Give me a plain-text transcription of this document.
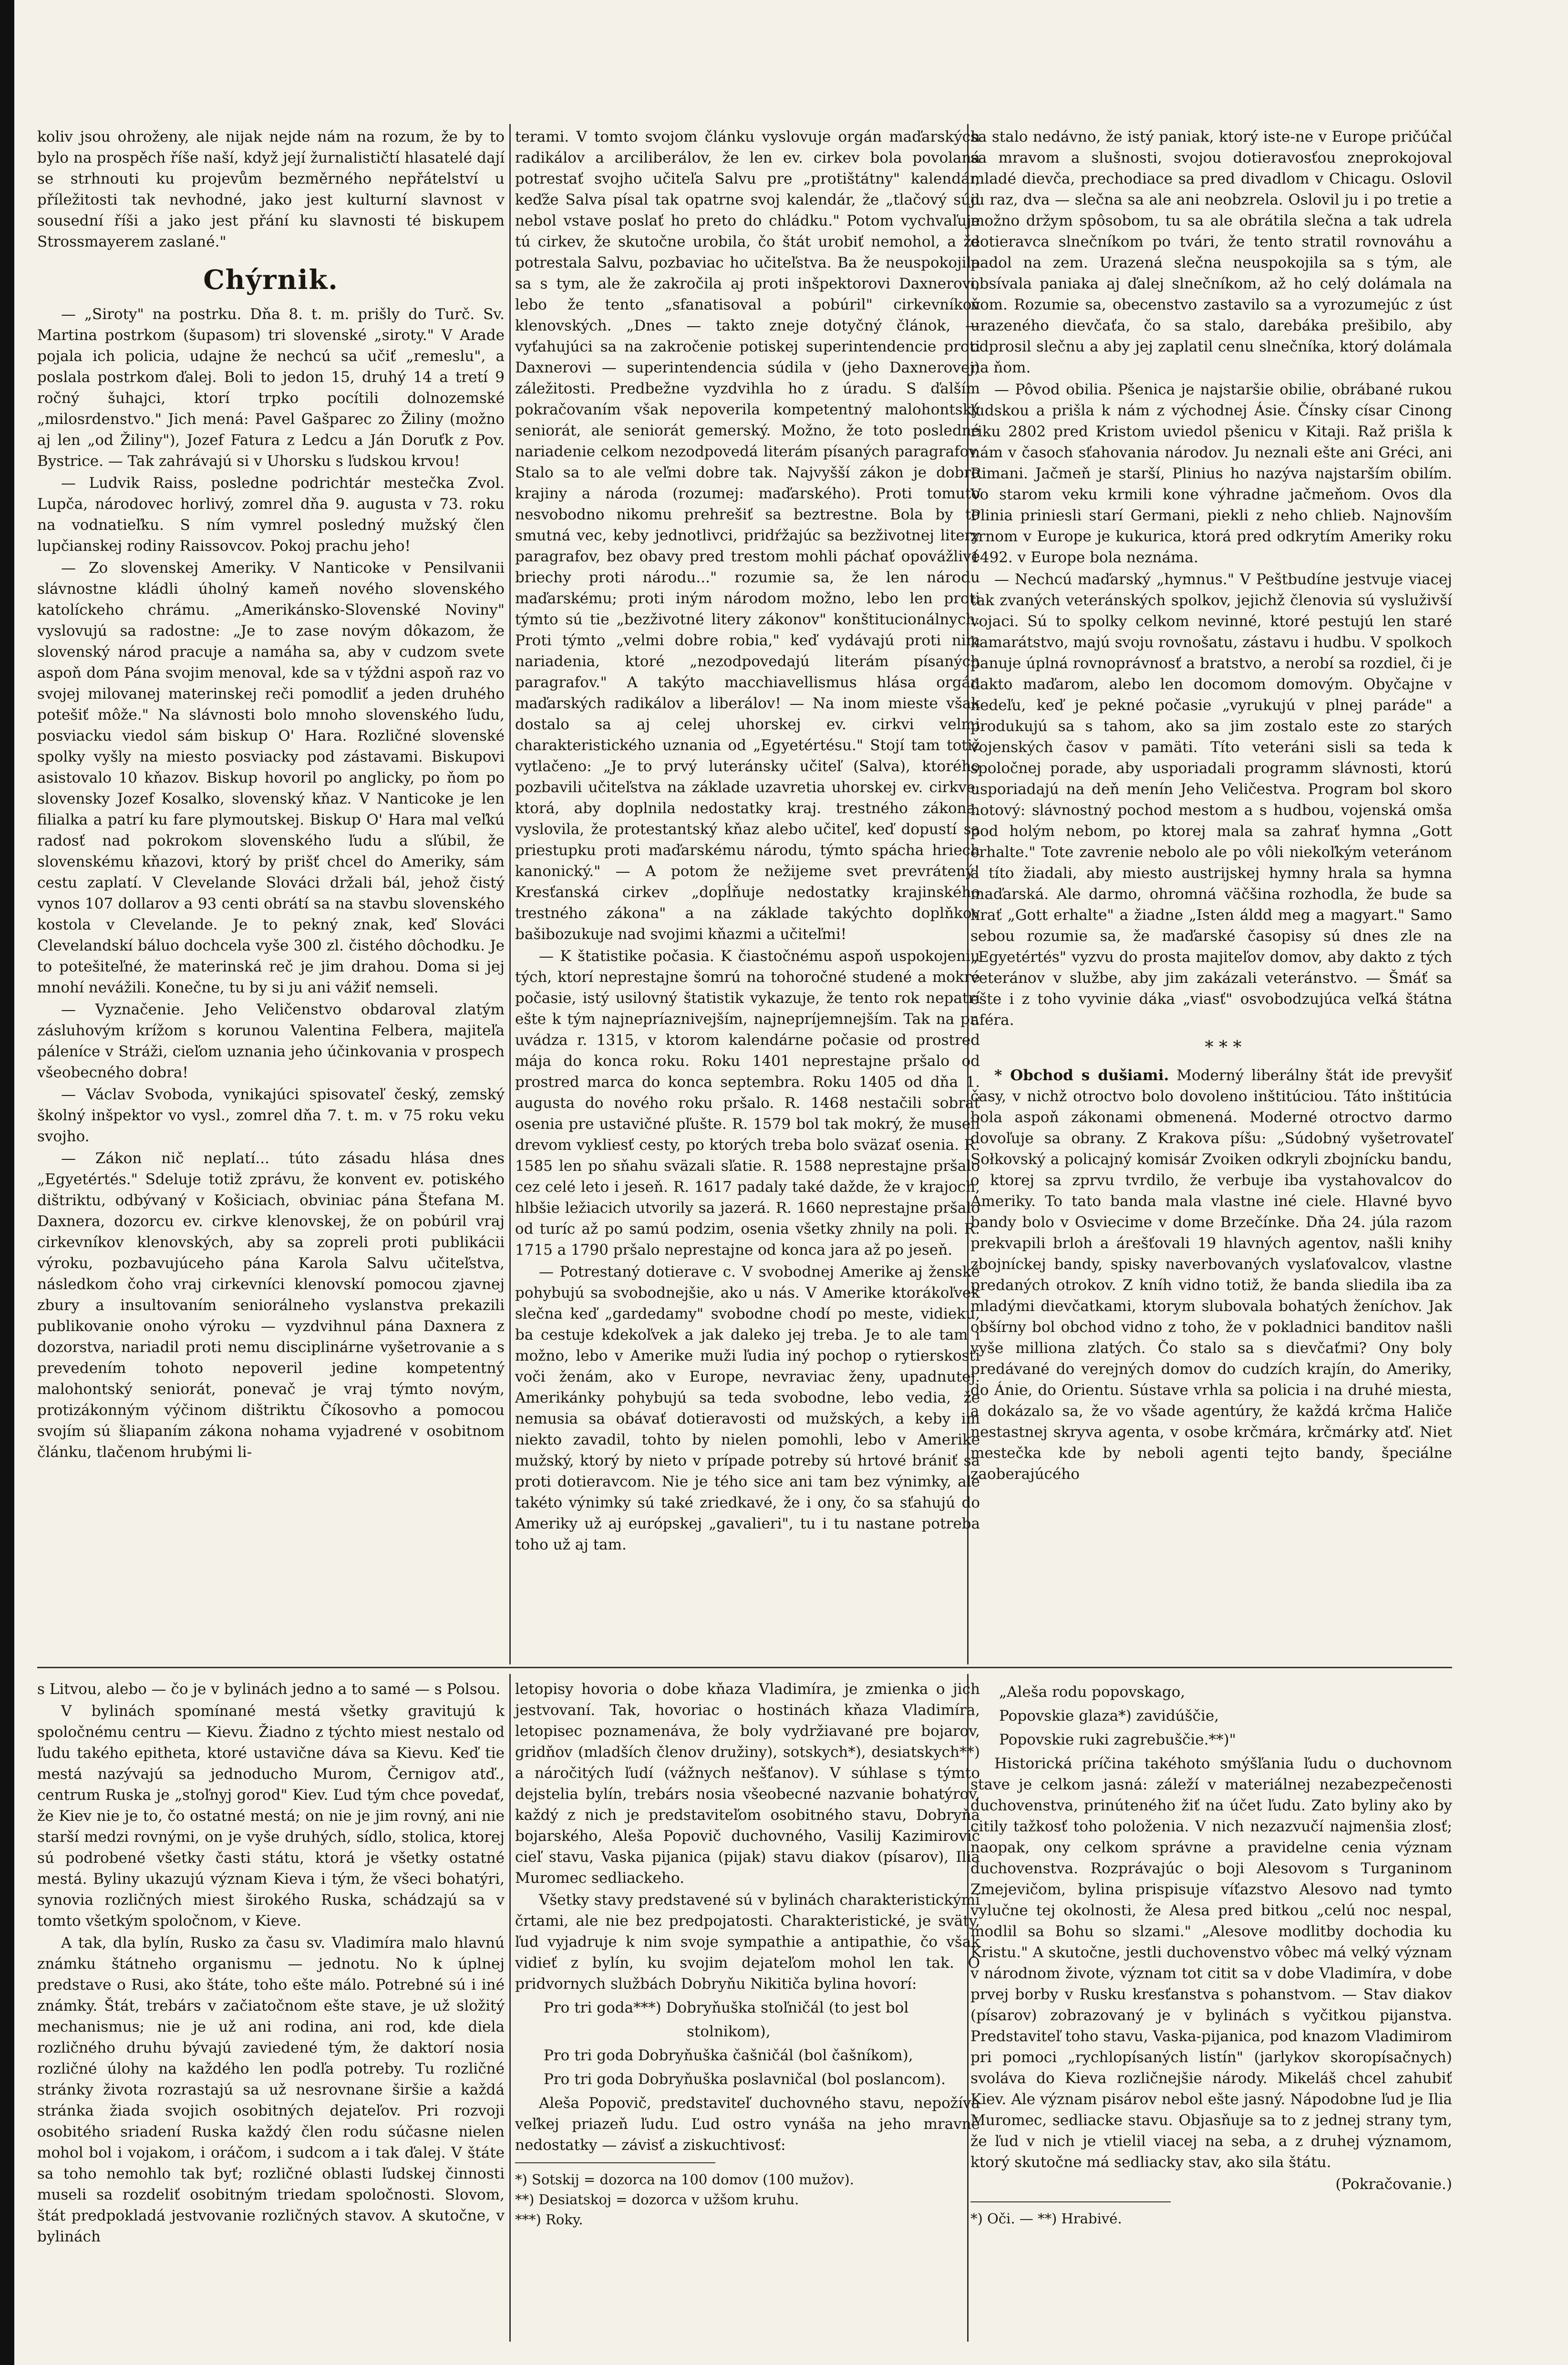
koliv jsou ohroženy, ale nijak nejde nám na rozum, že by to bylo na prospěch říše naší, když její žurnalističtí hlasatelé dají se strhnouti ku projevům bezměrného nepřátelství u příležitosti tak nevhodné, jako jest kulturní slavnost v sousední říši a jako jest přání ku slavnosti té biskupem Strossmayerem zaslané."

Chýrnik.

— „Siroty" na postrku. Dňa 8. t. m. prišly do Turč. Sv. Martina postrkom (šupasom) tri slovenské „siroty." V Arade pojala ich policia, udajne že nechcú sa učiť „remeslu", a poslala postrkom ďalej. Boli to jedon 15, druhý 14 a tretí 9 ročný šuhajci, ktorí trpko pocítili dolnozemské „milosrdenstvo." Jich mená: Pavel Gašparec zo Žiliny (možno aj len „od Žiliny"), Jozef Fatura z Ledcu a Ján Doruťk z Pov. Bystrice. — Tak zahrávajú si v Uhorsku s ľudskou krvou!

— Ludvik Raiss, posledne podrichtár mestečka Zvol. Lupča, národovec horlivý, zomrel dňa 9. augusta v 73. roku na vodnatieľku. S ním vymrel posledný mužský člen lupčianskej rodiny Raissovcov. Pokoj prachu jeho!

— Zo slovenskej Ameriky. V Nanticoke v Pensilvanii slávnostne kládli úholný kameň nového slovenského katolíckeho chrámu. „Amerikánsko-Slovenské Noviny" vyslovujú sa radostne: „Je to zase novým dôkazom, že slovenský národ pracuje a namáha sa, aby v cudzom svete aspoň dom Pána svojim menoval, kde sa v týždni aspoň raz vo svojej milovanej materinskej reči pomodliť a jeden druhého potešiť môže." Na slávnosti bolo mnoho slovenského ľudu, posviacku viedol sám biskup O' Hara. Rozličné slovenské spolky vyšly na miesto posviacky pod zástavami. Biskupovi asistovalo 10 kňazov. Biskup hovoril po anglicky, po ňom po slovensky Jozef Kosalko, slovenský kňaz. V Nanticoke je len filialka a patrí ku fare plymoutskej. Biskup O' Hara mal veľkú radosť nad pokrokom slovenského ľudu a sľúbil, že slovenskému kňazovi, ktorý by prišť chcel do Ameriky, sám cestu zaplatí. V Clevelande Slováci držali bál, jehož čistý vynos 107 dollarov a 93 centi obrátí sa na stavbu slovenského kostola v Clevelande. Je to pekný znak, keď Slováci Clevelandskí báluo dochcela vyše 300 zl. čistého dôchodku. Je to potešiteľné, že materinská reč je jim drahou. Doma si jej mnohí nevážili. Konečne, tu by si ju ani vážiť nemseli.

— Vyznačenie. Jeho Veličenstvo obdaroval zlatým zásluhovým krížom s korunou Valentina Felbera, majiteľa páleníce v Stráži, cieľom uznania jeho účinkovania v prospech všeobecného dobra!

— Václav Svoboda, vynikajúci spisovateľ český, zemský školný inšpektor vo vysl., zomrel dňa 7. t. m. v 75 roku veku svojho.

— Zákon nič neplatí... túto zásadu hlása dnes „Egyetértés." Sdeluje totiž zprávu, že konvent ev. potiského dištriktu, odbývaný v Košiciach, obviniac pána Štefana M. Daxnera, dozorcu ev. cirkve klenovskej, že on pobúril vraj cirkevníkov klenovských, aby sa zopreli proti publikácii výroku, pozbavujúceho pána Karola Salvu učiteľstva, následkom čoho vraj cirkevníci klenovskí pomocou zjavnej zbury a insultovaním seniorálneho vyslanstva prekazili publikovanie onoho výroku — vyzdvihnul pána Daxnera z dozorstva, nariadil proti nemu disciplinárne vyšetrovanie a s prevedením tohoto nepoveril jedine kompetentný malohontský seniorát, ponevač je vraj týmto novým, protizákonným výčinom dištriktu Číkosovho a pomocou svojím sú šliapaním zákona nohama vyjadrené v osobitnom článku, tlačenom hrubými li-

terami. V tomto svojom článku vyslovuje orgán maďarských radikálov a arciliberálov, že len ev. cirkev bola povolaná potrestať svojho učiteľa Salvu pre „protištátny" kalendár, keďže Salva písal tak opatrne svoj kalendár, že „tlačový súd nebol vstave poslať ho preto do chládku." Potom vychvaľuje tú cirkev, že skutočne urobila, čo štát urobiť nemohol, a že potrestala Salvu, pozbaviac ho učiteľstva. Ba že neuspokojila sa s tym, ale že zakročila aj proti inšpektorovi Daxnerovi, lebo že tento „sfanatisoval a pobúril" cirkevníkov klenovských. „Dnes — takto zneje dotyčný článok, — vyťahujúci sa na zakročenie potiskej superintendencie proti Daxnerovi — superintendencia súdila v (jeho Daxnerovej) záležitosti. Predbežne vyzdvihla ho z úradu. S ďalším pokračovaním však nepoverila kompetentný malohontský seniorát, ale seniorát gemerský. Možno, že toto posledné nariadenie celkom nezodpovedá literám písaných paragrafov. Stalo sa to ale veľmi dobre tak. Najvyšší zákon je dobro krajiny a národa (rozumej: maďarského). Proti tomuto nesvobodno nikomu prehrešiť sa beztrestne. Bola by to smutná vec, keby jednotlivci, pridŕžajúc sa bezživotnej litery paragrafov, bez obavy pred trestom mohli páchať opovážlivé briechy proti národu..." rozumie sa, že len národu maďarskému; proti iným národom možno, lebo len proti týmto sú tie „bezživotné litery zákonov" konštitucionálnych. Proti týmto „velmi dobre robia," keď vydávajú proti nim nariadenia, ktoré „nezodpovedajú literám písaných paragrafov." A takýto macchiavellismus hlása orgán maďarských radikálov a liberálov! — Na inom mieste však dostalo sa aj celej uhorskej ev. cirkvi velmi charakteristického uznania od „Egyetértésu." Stojí tam totiž vytlačeno: „Je to prvý luteránsky učiteľ (Salva), ktorého pozbavili učiteľstva na základe uzavretia uhorskej ev. cirkve, ktorá, aby doplnila nedostatky kraj. trestného zákona, vyslovila, že protestantský kňaz alebo učiteľ, keď dopustí sa priestupku proti maďarskému národu, týmto spácha hriech kanonický." — A potom že nežijeme svet prevrátený! Kresťanská cirkev „dopĺňuje nedostatky krajinského trestného zákona" a na základe takýchto doplňkov bašibozukuje nad svojimi kňazmi a učiteľmi!

— K štatistike počasia. K čiastočnému aspoň uspokojeniu tých, ktorí neprestajne šomrú na tohoročné studené a mokré počasie, istý usilovný štatistik vykazuje, že tento rok nepatrí ešte k tým najnepríaznivejším, najnepríjemnejším. Tak na pr. uvádza r. 1315, v ktorom kalendárne počasie od prostred mája do konca roku. Roku 1401 neprestajne pršalo od prostred marca do konca septembra. Roku 1405 od dňa 1. augusta do nového roku pršalo. R. 1468 nestačili sobrať osenia pre ustavičné pľušte. R. 1579 bol tak mokrý, že museli drevom vykliesť cesty, po ktorých treba bolo sväzať osenia. R. 1585 len po sňahu sväzali sľatie. R. 1588 neprestajne pršalo cez celé leto i jeseň. R. 1617 padaly také dažde, že v krajoch, hlbšie ležiacich utvorily sa jazerá. R. 1660 neprestajne pršalo od turíc až po samú podzim, osenia všetky zhnily na poli. R. 1715 a 1790 pršalo neprestajne od konca jara až po jeseň.

— Potrestaný dotierave c. V svobodnej Amerike aj ženské pohybujú sa svobodnejšie, ako u nás. V Amerike ktorákoľvek slečna keď „gardedamy" svobodne chodí po meste, vidieku, ba cestuje kdekoľvek a jak daleko jej treba. Je to ale tam i možno, lebo v Amerike muži ľudia iný pochop o rytierskosti voči ženám, ako v Europe, nevraviac ženy, upadnutej. Amerikánky pohybujú sa teda svobodne, lebo vedia, že nemusia sa obávať dotieravosti od mužských, a keby im niekto zavadil, tohto by nielen pomohli, lebo v Amerike mužský, ktorý by nieto v prípade potreby sú hrtové brániť sa proti dotieravcom. Nie je tého sice ani tam bez výnimky, ale takéto výnimky sú také zriedkavé, že i ony, čo sa sťahujú do Ameriky už aj európskej „gavalieri", tu i tu nastane potreba toho už aj tam.

sa stalo nedávno, že istý paniak, ktorý iste-ne v Europe pričúčal sa mravom a slušnosti, svojou dotieravosťou zneprokojoval mladé dievča, prechodiace sa pred divadlom v Chicagu. Oslovil ju raz, dva — slečna sa ale ani neobzrela. Oslovil ju i po tretie a možno držym spôsobom, tu sa ale obrátila slečna a tak udrela dotieravca slnečníkom po tvári, že tento stratil rovnováhu a padol na zem. Urazená slečna neuspokojila sa s tým, ale obsívala paniaka aj ďalej slnečníkom, až ho celý dolámala na ňom. Rozumie sa, obecenstvo zastavilo sa a vyrozumejúc z úst urazeného dievčaťa, čo sa stalo, darebáka prešibilo, aby odprosil slečnu a aby jej zaplatil cenu slnečníka, ktorý dolámala na ňom.

— Pôvod obilia. Pšenica je najstaršie obilie, obrábané rukou ľudskou a prišla k nám z východnej Ásie. Čínsky císar Cinong riku 2802 pred Kristom uviedol pšenicu v Kitaji. Raž prišla k nám v časoch sťahovania národov. Ju neznali ešte ani Gréci, ani Rimani. Jačmeň je starší, Plinius ho nazýva najstarším obilím. Vo starom veku krmili kone výhradne jačmeňom. Ovos dla Plinia priniesli starí Germani, piekli z neho chlieb. Najnovším zrnom v Europe je kukurica, ktorá pred odkrytím Ameriky roku 1492. v Europe bola neznáma.

— Nechcú maďarský „hymnus." V Peštbudíne jestvuje viacej tak zvaných veteránských spolkov, jejichž členovia sú vysluživší vojaci. Sú to spolky celkom nevinné, ktoré pestujú len staré kamarátstvo, majú svoju rovnošatu, zástavu i hudbu. V spolkoch panuje úplná rovnoprávnosť a bratstvo, a nerobí sa rozdiel, či je dakto maďarom, alebo len docomom domovým. Obyčajne v nedeľu, keď je pekné počasie „vyrukujú v plnej paráde" a produkujú sa s tahom, ako sa jim zostalo este zo starých vojenských časov v pamäti. Títo veteráni sisli sa teda k spoločnej porade, aby usporiadali programm slávnosti, ktorú usporiadajú na deň menín Jeho Veličestva. Program bol skoro hotový: slávnostný pochod mestom a s hudbou, vojenská omša pod holým nebom, po ktorej mala sa zahrať hymna „Gott erhalte." Tote zavrenie nebolo ale po vôli niekoľkým veteránom a títo žiadali, aby miesto austrijskej hymny hrala sa hymna maďarská. Ale darmo, ohromná väčšina rozhodla, že bude sa hrať „Gott erhalte" a žiadne „Isten áldd meg a magyart." Samo sebou rozumie sa, že maďarské časopisy sú dnes zle na „Egyetértés" vyzvu do prosta majiteľov domov, aby dakto z tých veteránov v službe, aby jim zakázali veteránstvo. — Šmáť sa ešte i z toho vyvinie dáka „viasť" osvobodzujúca veľká štátna aféra.

* * *

* Obchod s dušiami. Moderný liberálny štát ide prevyšiť časy, v nichž otroctvo bolo dovoleno inštitúciou. Táto inštitúcia bola aspoň zákonami obmenená. Moderné otroctvo darmo dovoľuje sa obrany. Z Krakova píšu: „Súdobný vyšetrovateľ Sołkovský a policajný komisár Zvoiken odkryli zbojnícku bandu, o ktorej sa zprvu tvrdilo, že verbuje iba vystahovalcov do Ameriky. To tato banda mala vlastne iné ciele. Hlavné byvo bandy bolo v Osviecime v dome Brzečínke. Dňa 24. júla razom prekvapili brloh a árešťovali 19 hlavných agentov, našli knihy zbojníckej bandy, spisky naverbovaných vyslaťovalcov, vlastne predaných otrokov. Z kníh vidno totiž, že banda sliedila iba za mladými dievčatkami, ktorym slubovala bohatých ženíchov. Jak obšírny bol obchod vidno z toho, že v pokladnici banditov našli vyše milliona zlatých. Čo stalo sa s dievčaťmi? Ony boly predávané do verejných domov do cudzích krajín, do Ameriky, do Ánie, do Orientu. Sústave vrhla sa policia i na druhé miesta, a dokázalo sa, že vo všade agentúry, že každá krčma Haliče nestastnej skryva agenta, v osobe krčmára, krčmárky atď. Niet mestečka kde by neboli agenti tejto bandy, špeciálne zaoberajúcého

s Litvou, alebo — čo je v bylinách jedno a to samé — s Polsou.

V bylinách spomínané mestá všetky gravitujú k spoločnému centru — Kievu. Žiadno z týchto miest nestalo od ľudu takého epitheta, ktoré ustavične dáva sa Kievu. Keď tie mestá nazývajú sa jednoducho Murom, Černigov atď., centrum Ruska je „stoľnyj gorod" Kiev. Ľud tým chce povedať, že Kiev nie je to, čo ostatné mestá; on nie je jim rovný, ani nie starší medzi rovnými, on je vyše druhých, sídlo, stolica, ktorej sú podrobené všetky časti státu, ktorá je všetky ostatné mestá. Byliny ukazujú význam Kieva i tým, že všeci bohatýri, synovia rozličných miest širokého Ruska, schádzajú sa v tomto všetkým spoločnom, v Kieve.

A tak, dla bylín, Rusko za času sv. Vladimíra malo hlavnú známku štátneho organismu — jednotu. No k úplnej predstave o Rusi, ako štáte, toho ešte málo. Potrebné sú i iné známky. Štát, trebárs v začiatočnom ešte stave, je už složitý mechanismus; nie je už ani rodina, ani rod, kde diela rozličného druhu bývajú zaviedené tým, že daktorí nosia rozličné úlohy na každého len podľa potreby. Tu rozličné stránky života rozrastajú sa už nesrovnane širšie a každá stránka žiada svojich osobitných dejateľov. Pri rozvoji osobitého sriadení Ruska každý člen rodu súčasne nielen mohol bol i vojakom, i oráčom, i sudcom a i tak ďalej. V štáte sa toho nemohlo tak byť; rozličné oblasti ľudskej činnosti museli sa rozdeliť osobitným triedam spoločnosti. Slovom, štát predpokladá jestvovanie rozličných stavov. A skutočne, v bylinách

letopisy hovoria o dobe kňaza Vladimíra, je zmienka o jich jestvovaní. Tak, hovoriac o hostinách kňaza Vladimíra, letopisec poznamenáva, že boly vydržiavané pre bojarov, gridňov (mladších členov družiny), sotskych*), desiatskych**) a náročitých ľudí (vážnych nešťanov). V súhlase s týmto dejstelia bylín, trebárs nosia všeobecné nazvanie bohatýrov, každý z nich je predstaviteľom osobitného stavu, Dobryňa bojarského, Aleša Popovič duchovného, Vasilij Kazimirovič cieľ stavu, Vaska pijanica (pijak) stavu diakov (písarov), Ilia Muromec sedliackeho.

Všetky stavy predstavené sú v bylinách charakteristickými črtami, ale nie bez predpojatosti. Charakteristické, je sväty, ľud vyjadruje k nim svoje sympathie a antipathie, čo však vidieť z bylín, ku svojim dejateľom mohol len tak. O pridvornych službách Dobryňu Nikitiča bylina hovorí:

Pro tri goda***) Dobryňuška stoľničál (to jest bol

stolnikom),

Pro tri goda Dobryňuška čašničál (bol čašníkom),

Pro tri goda Dobryňuška poslavničal (bol poslancom).

Aleša Popovič, predstaviteľ duchovného stavu, nepožíva veľkej priazeň ľudu. Ľud ostro vynáša na jeho mravné nedostatky — závisť a ziskuchtivosť:

*) Sotskij = dozorca na 100 domov (100 mužov).

**) Desiatskoj = dozorca v užšom kruhu.

***) Roky.

„Aleša rodu popovskago,

Popovskie glaza*) zavidúščie,

Popovskie ruki zagrebuščie.**)"

Historická príčina takéhoto smýšľania ľudu o duchovnom stave je celkom jasná: záleží v materiálnej nezabezpečenosti duchovenstva, prinúteného žiť na účet ľudu. Zato byliny ako by citily tažkosť toho položenia. V nich nezazvučí najmenšia zlosť; naopak, ony celkom správne a pravidelne cenia význam duchovenstva. Rozprávajúc o boji Alesovom s Turganinom Zmejevičom, bylina prispisuje víťazstvo Alesovo nad tymto vylučne tej okolnosti, že Alesa pred bitkou „celú noc nespal, modlil sa Bohu so slzami." „Alesove modlitby dochodia ku Kristu." A skutočne, jestli duchovenstvo vôbec má velký význam v národnom živote, význam tot citit sa v dobe Vladimíra, v dobe prvej borby v Rusku kresťanstva s pohanstvom. — Stav diakov (písarov) zobrazovaný je v bylinách s vyčitkou pijanstva. Predstaviteľ toho stavu, Vaska-pijanica, pod knazom Vladimirom pri pomoci „rychlopísaných listín" (jarlykov skoropísačnych) svoláva do Kieva rozličnejšie národy. Mikeláš chcel zahubiť Kiev. Ale význam pisárov nebol ešte jasný. Nápodobne ľud je Ilia Muromec, sedliacke stavu. Objasňuje sa to z jednej strany tym, že ľud v nich je vtielil viacej na seba, a z druhej významom, ktorý skutočne má sedliacky stav, ako sila štátu.

(Pokračovanie.)

*) Oči. — **) Hrabivé.
